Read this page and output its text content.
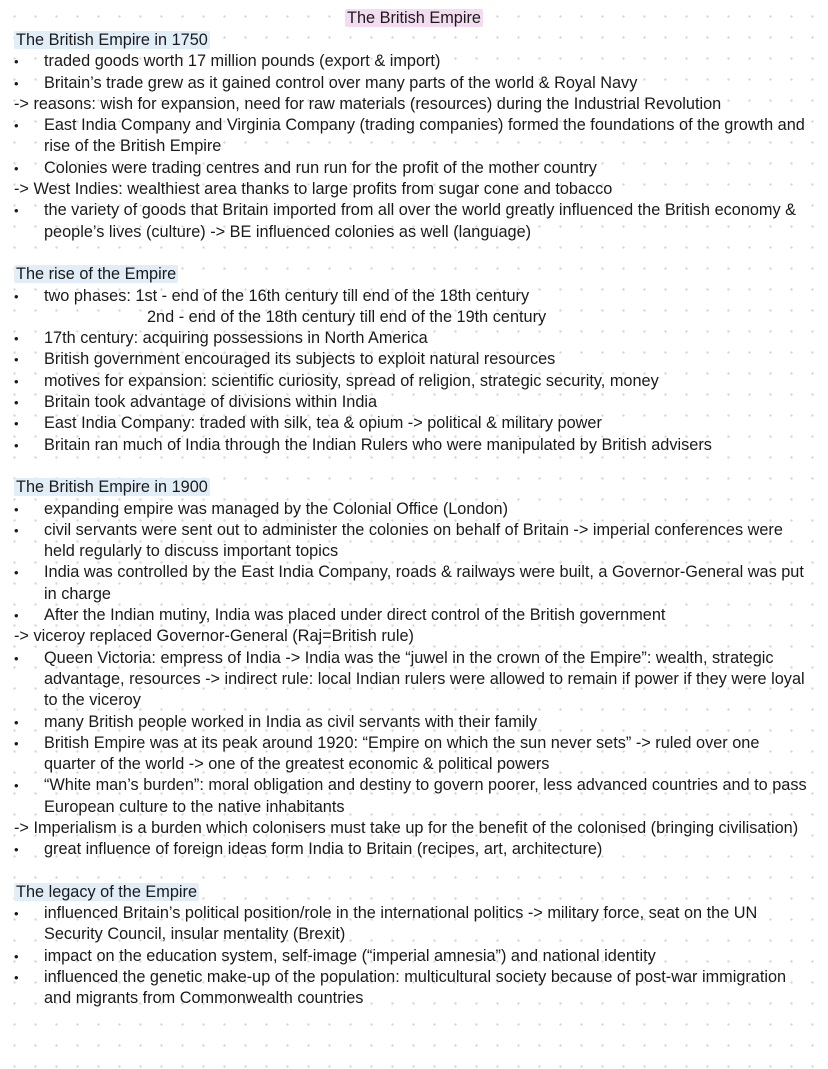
The British Empire
The British Empire in 1750
• traded goods worth 17 million pounds (export & import)
• Britain’s trade grew as it gained control over many parts of the world & Royal Navy
-> reasons: wish for expansion, need for raw materials (resources) during the Industrial Revolution
• East India Company and Virginia Company (trading companies) formed the foundations of the growth and rise of the British Empire
• Colonies were trading centres and run run for the profit of the mother country
-> West Indies: wealthiest area thanks to large profits from sugar cone and tobacco
• the variety of goods that Britain imported from all over the world greatly influenced the British economy & people’s lives (culture) -> BE influenced colonies as well (language)
The rise of the Empire
• two phases: 1st - end of the 16th century till end of the 18th century
2nd - end of the 18th century till end of the 19th century
• 17th century: acquiring possessions in North America
• British government encouraged its subjects to exploit natural resources
• motives for expansion: scientific curiosity, spread of religion, strategic security, money
• Britain took advantage of divisions within India
• East India Company: traded with silk, tea & opium -> political & military power
• Britain ran much of India through the Indian Rulers who were manipulated by British advisers
The British Empire in 1900
• expanding empire was managed by the Colonial Office (London)
• civil servants were sent out to administer the colonies on behalf of Britain -> imperial conferences were held regularly to discuss important topics
• India was controlled by the East India Company, roads & railways were built, a Governor-General was put in charge
• After the Indian mutiny, India was placed under direct control of the British government
-> viceroy replaced Governor-General (Raj=British rule)
• Queen Victoria: empress of India -> India was the “juwel in the crown of the Empire”: wealth, strategic advantage, resources -> indirect rule: local Indian rulers were allowed to remain if power if they were loyal to the viceroy
• many British people worked in India as civil servants with their family
• British Empire was at its peak around 1920: “Empire on which the sun never sets” -> ruled over one quarter of the world -> one of the greatest economic & political powers
• “White man’s burden”: moral obligation and destiny to govern poorer, less advanced countries and to pass European culture to the native inhabitants
-> Imperialism is a burden which colonisers must take up for the benefit of the colonised (bringing civilisation)
• great influence of foreign ideas form India to Britain (recipes, art, architecture)
The legacy of the Empire
• influenced Britain’s political position/role in the international politics -> military force, seat on the UN Security Council, insular mentality (Brexit)
• impact on the education system, self-image (“imperial amnesia”) and national identity
• influenced the genetic make-up of the population: multicultural society because of post-war immigration and migrants from Commonwealth countries
